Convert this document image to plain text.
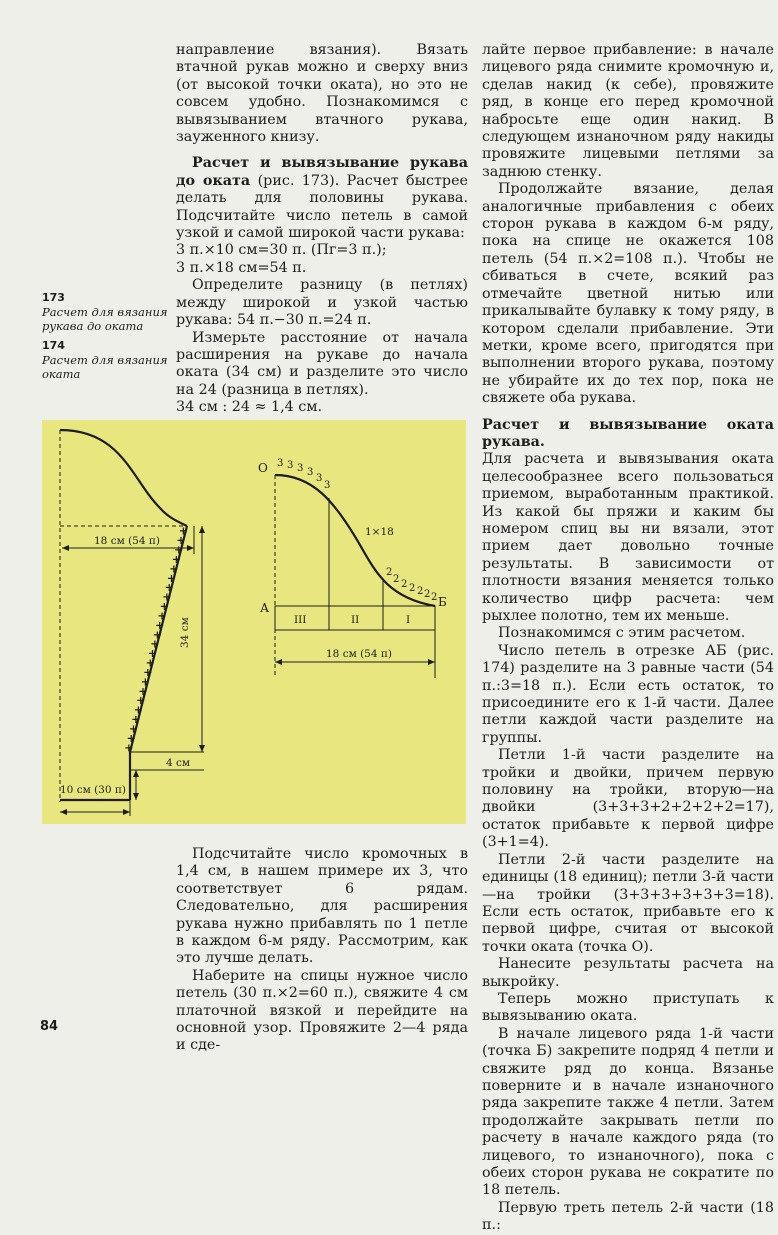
направление вязания). Вязать втачной рукав можно и сверху вниз (от высокой точки оката), но это не совсем удобно. Познакомимся с вывязыванием втачного рукава, зауженного книзу.

Расчет и вывязывание рукава до оката (рис. 173). Расчет быстрее делать для половины рукава. Подсчитайте число петель в самой узкой и самой широкой части рукава:

3 п.×10 см=30 п. (Пг=3 п.);

3 п.×18 см=54 п.

Определите разницу (в петлях) между широкой и узкой частью рукава: 54 п.−30 п.=24 п.

Измерьте расстояние от начала расширения на рукаве до начала оката (34 см) и разделите это число на 24 (разница в петлях).

34 см : 24 ≈ 1,4 см.

173
Расчет для вязания рукава до оката
174
Расчет для вязания оката
+
+
+
+
+
+
+
+
+
+
+
+
+
+
+
+
+
+
+
+
+
+
+
+
18 см (54 п)
34 см
4 см
10 см (30 п)
О
А	Б
III	II	I
3 3 3 3
3
3
1×18
2
2 2 2 2 2 2
18 см (54 п)

Подсчитайте число кромочных в 1,4 см, в нашем примере их 3, что соответствует 6 рядам. Следовательно, для расширения рукава нужно прибавлять по 1 петле в каждом 6-м ряду. Рассмотрим, как это лучше делать.

Наберите на спицы нужное число петель (30 п.×2=60 п.), свяжите 4 см платочной вязкой и перейдите на основной узор. Провяжите 2—4 ряда и сде-

лайте первое прибавление: в начале лицевого ряда снимите кромочную и, сделав накид (к себе), провяжите ряд, в конце его перед кромочной набросьте еще один накид. В следующем изнаночном ряду накиды провяжите лицевыми петлями за заднюю стенку.

Продолжайте вязание, делая аналогичные прибавления с обеих сторон рукава в каждом 6-м ряду, пока на спице не окажется 108 петель (54 п.×2=108 п.). Чтобы не сбиваться в счете, всякий раз отмечайте цветной нитью или прикалывайте булавку к тому ряду, в котором сделали прибавление. Эти метки, кроме всего, пригодятся при выполнении второго рукава, поэтому не убирайте их до тех пор, пока не свяжете оба рукава.

Расчет и вывязывание оката рукава.

Для расчета и вывязывания оката целесообразнее всего пользоваться приемом, выработанным практикой. Из какой бы пряжи и каким бы номером спиц вы ни вязали, этот прием дает довольно точные результаты. В зависимости от плотности вязания меняется только количество цифр расчета: чем рыхлее полотно, тем их меньше.

Познакомимся с этим расчетом.

Число петель в отрезке АБ (рис. 174) разделите на 3 равные части (54 п.:3=18 п.). Если есть остаток, то присоедините его к 1-й части. Далее петли каждой части разделите на группы.

Петли 1-й части разделите на тройки и двойки, причем первую половину на тройки, вторую—на двойки (3+3+3+2+2+2+2=17), остаток прибавьте к первой цифре (3+1=4).

Петли 2-й части разделите на единицы (18 единиц); петли 3-й части—на тройки (3+3+3+3+3+3=18). Если есть остаток, прибавьте его к первой цифре, считая от высокой точки оката (точка О).

Нанесите результаты расчета на выкройку.

Теперь можно приступать к вывязыванию оката.

В начале лицевого ряда 1-й части (точка Б) закрепите подряд 4 петли и свяжите ряд до конца. Вязанье поверните и в начале изнаночного ряда закрепите также 4 петли. Затем продолжайте закрывать петли по расчету в начале каждого ряда (то лицевого, то изнаночного), пока с обеих сторон рукава не сократите по 18 петель.

Первую треть петель 2-й части (18 п.:

84
